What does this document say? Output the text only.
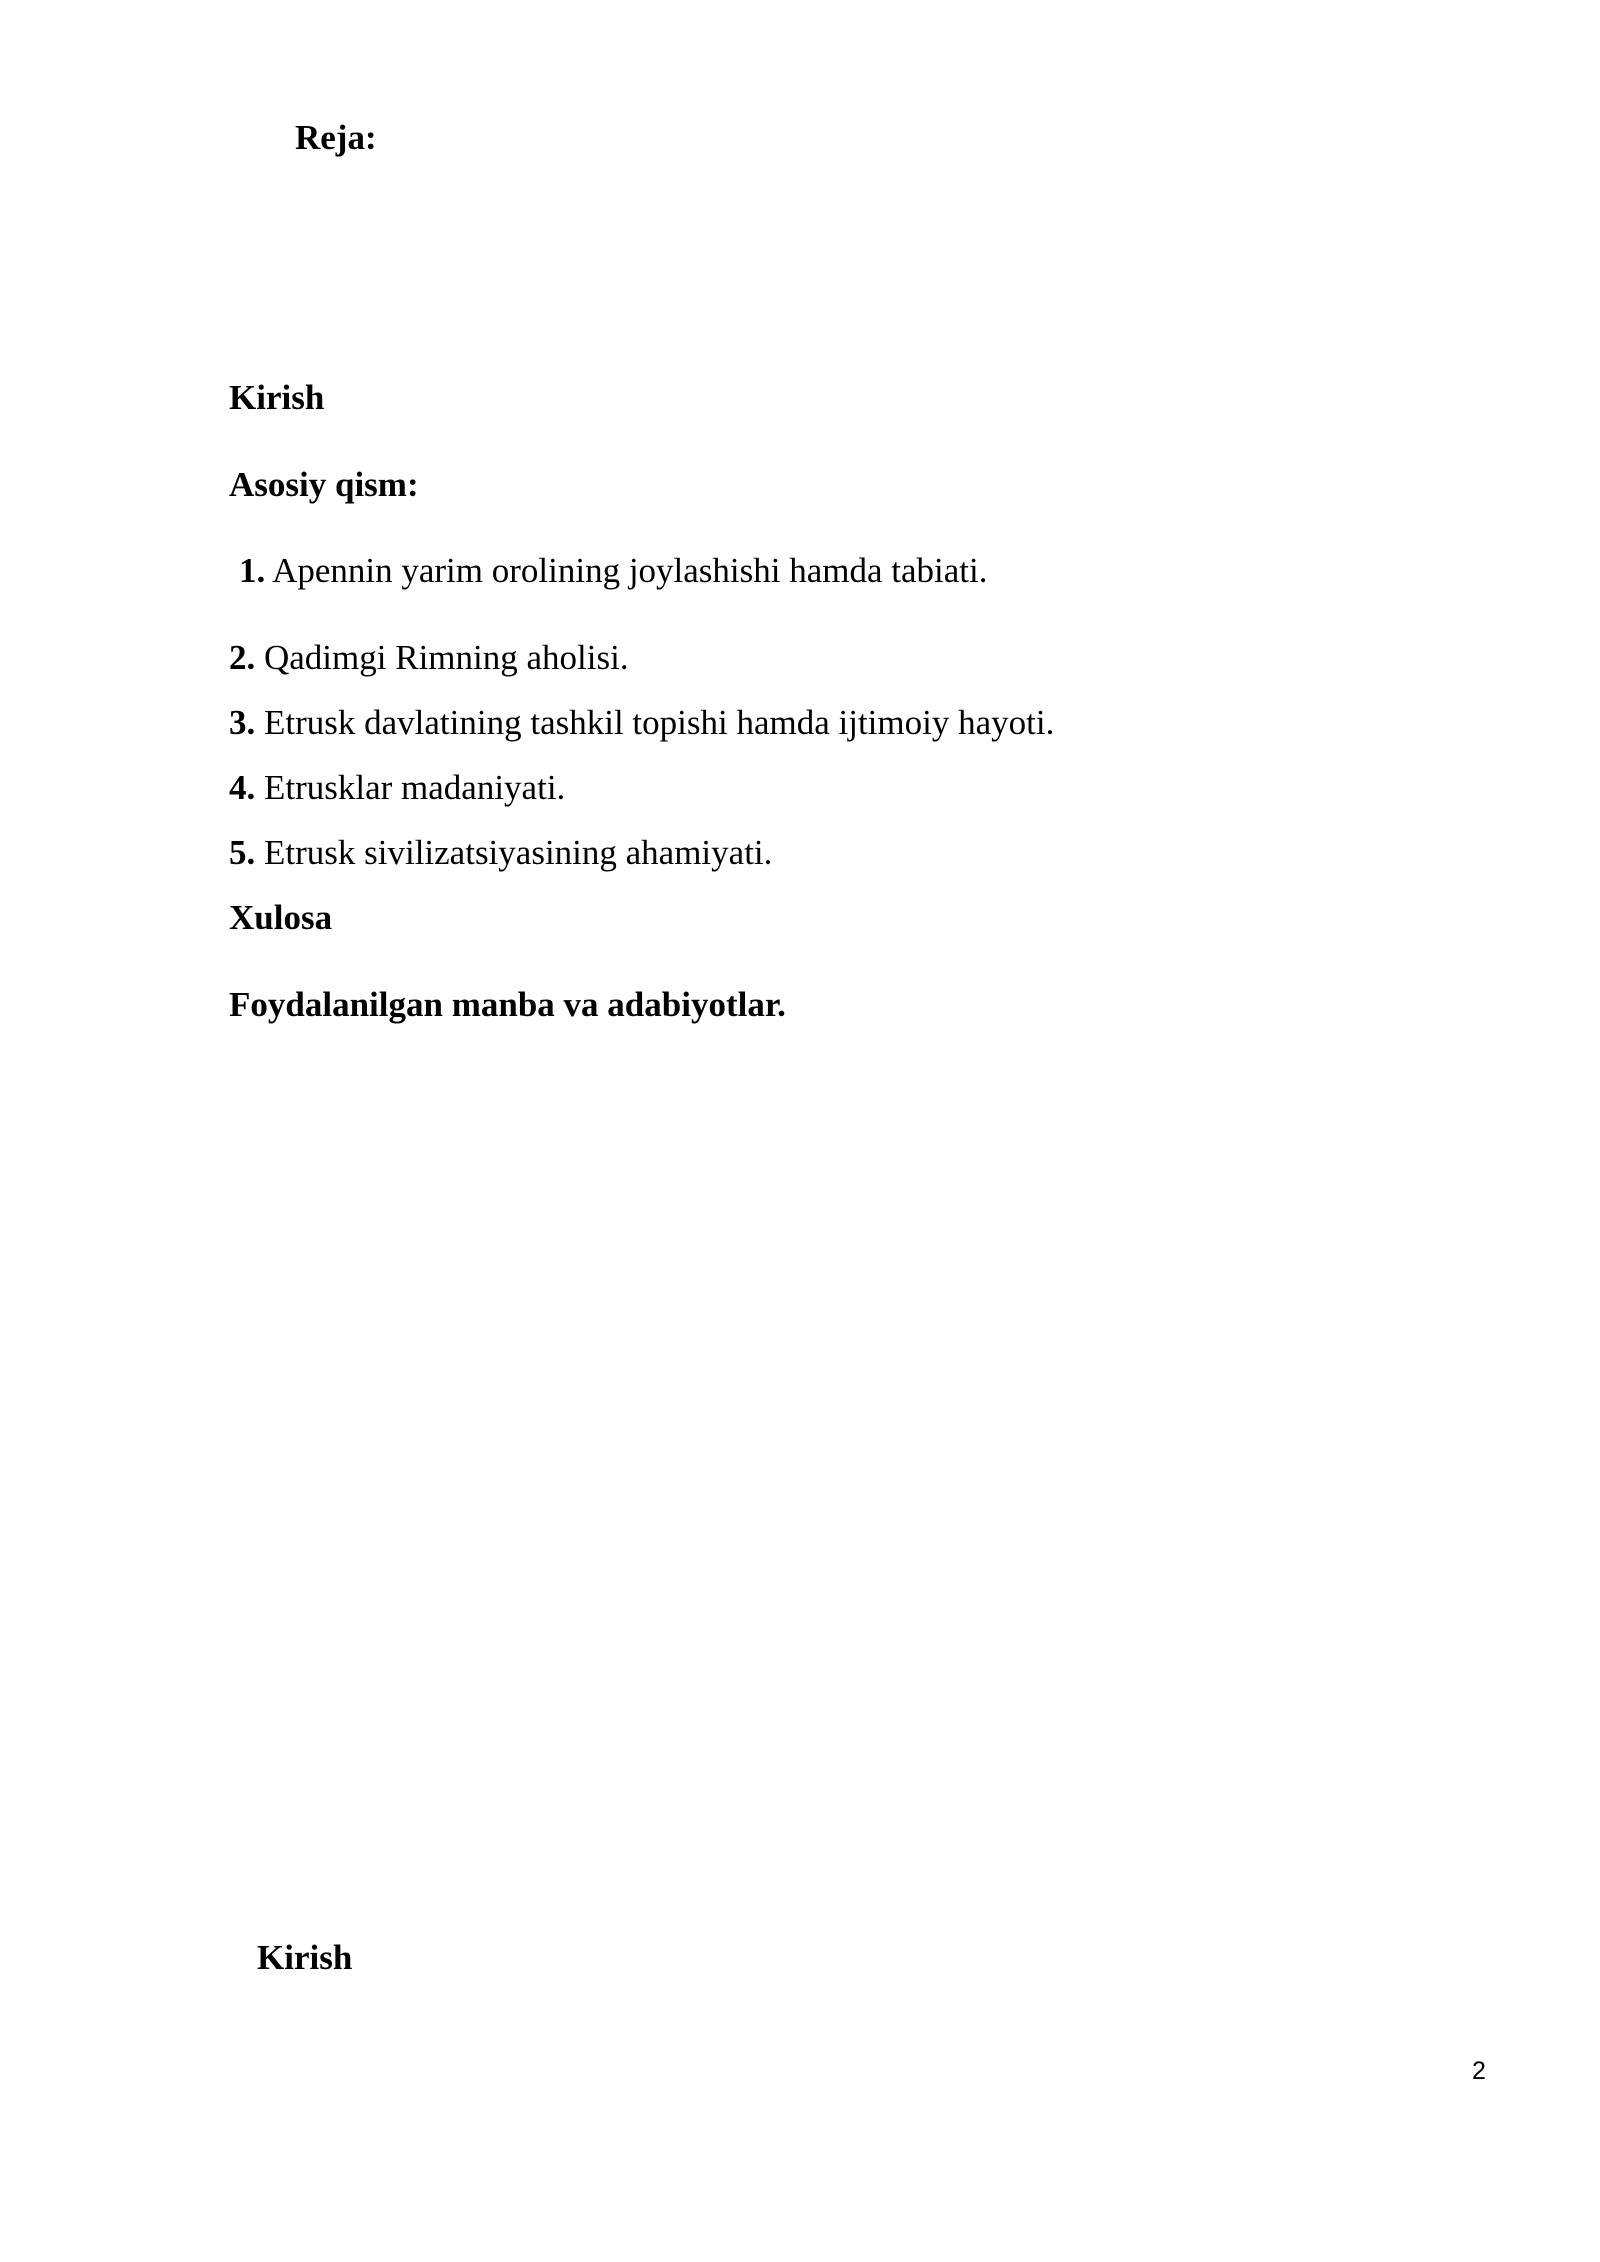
Reja:
Kirish
Asosiy qism:
1. Apennin yarim orolining joylashishi hamda tabiati.
2. Qadimgi Rimning aholisi.
3. Etrusk davlatining tashkil topishi hamda ijtimoiy hayoti.
4. Etrusklar madaniyati.
5. Etrusk sivilizatsiyasining ahamiyati.
Xulosa
Foydalanilgan manba va adabiyotlar.
Kirish
2
